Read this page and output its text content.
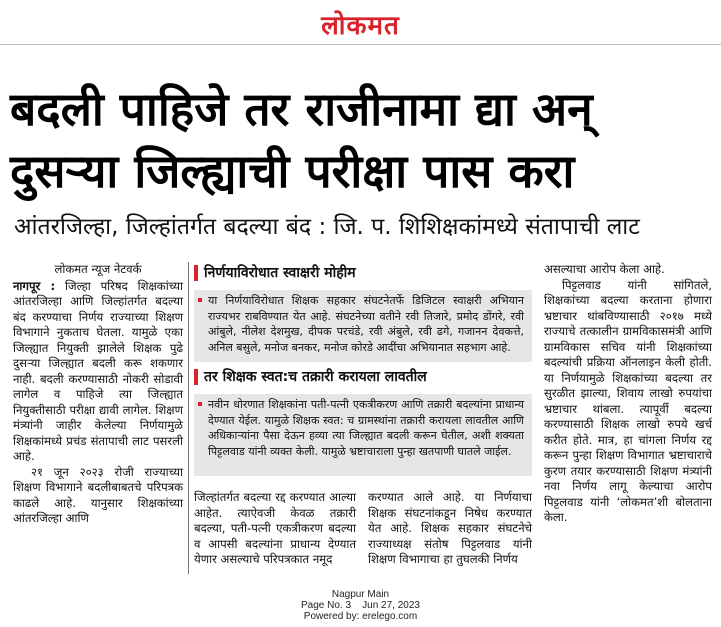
लोकमत
बदली पाहिजे तर राजीनामा द्या अन् दुसऱ्या जिल्ह्याची परीक्षा पास करा
आंतरजिल्हा, जिल्हांतर्गत बदल्या बंद : जि. प. शिशिक्षकांमध्ये संतापाची लाट
लोकमत न्यूज नेटवर्क

नागपूर : जिल्हा परिषद शिक्षकांच्या आंतरजिल्हा आणि जिल्हांतर्गत बदल्या बंद करण्याचा निर्णय राज्याच्या शिक्षण विभागाने नुकताच घेतला. यामुळे एका जिल्ह्यात नियुक्ती झालेले शिक्षक पुढे दुसऱ्या जिल्ह्यात बदली करू शकणार नाही. बदली करण्यासाठी नोकरी सोडावी लागेल व पाहिजे त्या जिल्ह्यात नियुक्तीसाठी परीक्षा द्यावी लागेल. शिक्षण मंत्र्यांनी जाहीर केलेल्या निर्णयामुळे शिक्षकांमध्ये प्रचंड संतापाची लाट पसरली आहे.

२१ जून २०२३ रोजी राज्याच्या शिक्षण विभागाने बदलीबाबतचे परिपत्रक काढले आहे. यानुसार शिक्षकांच्या आंतरजिल्हा आणि

निर्णयाविरोधात स्वाक्षरी मोहीम
या निर्णयाविरोधात शिक्षक सहकार संघटनेतर्फे डिजिटल स्वाक्षरी अभियान राज्यभर राबविण्यात येत आहे. संघटनेच्या वतीने रवी तिजारे, प्रमोद डोंगरे, रवी आंबुले, नीलेश देशमुख, दीपक परचंडे, रवी अंबुले, रवी ढगे, गजानन देवकत्ते, अनिल बसुले, मनोज बनकर, मनोज कोरडे आदींचा अभियानात सहभाग आहे.
तर शिक्षक स्वत:च तक्रारी करायला लावतील
नवीन धोरणात शिक्षकांना पती-पत्नी एकत्रीकरण आणि तक्रारी बदल्यांना प्राधान्य देण्यात येईल. यामुळे शिक्षक स्वत: च ग्रामस्थांना तक्रारी करायला लावतील आणि अधिकाऱ्यांना पैसा देऊन हव्या त्या जिल्ह्यात बदली करून घेतील, अशी शक्यता पिट्टलवाड यांनी व्यक्त केली. यामुळे भ्रष्टाचाराला पुन्हा खतपाणी घातले जाईल.

जिल्हांतर्गत बदल्या रद्द करण्यात आल्या आहेत. त्याऐवजी केवळ तक्रारी बदल्या, पती-पत्नी एकत्रीकरण बदल्या व आपसी बदल्यांना प्राधान्य देण्यात येणार असल्याचे परिपत्रकात नमूद

करण्यात आले आहे. या निर्णयाचा शिक्षक संघटनांकडून निषेध करण्यात येत आहे. शिक्षक सहकार संघटनेचे राज्याध्यक्ष संतोष पिट्टलवाड यांनी शिक्षण विभागाचा हा तुघलकी निर्णय

असल्याचा आरोप केला आहे.

पिट्टलवाड यांनी सांगितले, शिक्षकांच्या बदल्या करताना होणारा भ्रष्टाचार थांबविण्यासाठी २०१७ मध्ये राज्याचे तत्कालीन ग्रामविकासमंत्री आणि ग्रामविकास सचिव यांनी शिक्षकांच्या बदल्यांची प्रक्रिया ऑनलाइन केली होती. या निर्णयामुळे शिक्षकांच्या बदल्या तर सुरळीत झाल्या, शिवाय लाखो रुपयांचा भ्रष्टाचार थांबला. त्यापूर्वी बदल्या करण्यासाठी शिक्षक लाखो रुपये खर्च करीत होते. मात्र, हा चांगला निर्णय रद्द करून पुन्हा शिक्षण विभागात भ्रष्टाचाराचे कुरण तयार करण्यासाठी शिक्षण मंत्र्यांनी नवा निर्णय लागू केल्याचा आरोप पिट्टलवाड यांनी ‘लोकमत’शी बोलताना केला.

Nagpur Main
Page No. 3    Jun 27, 2023
Powered by: erelego.com
